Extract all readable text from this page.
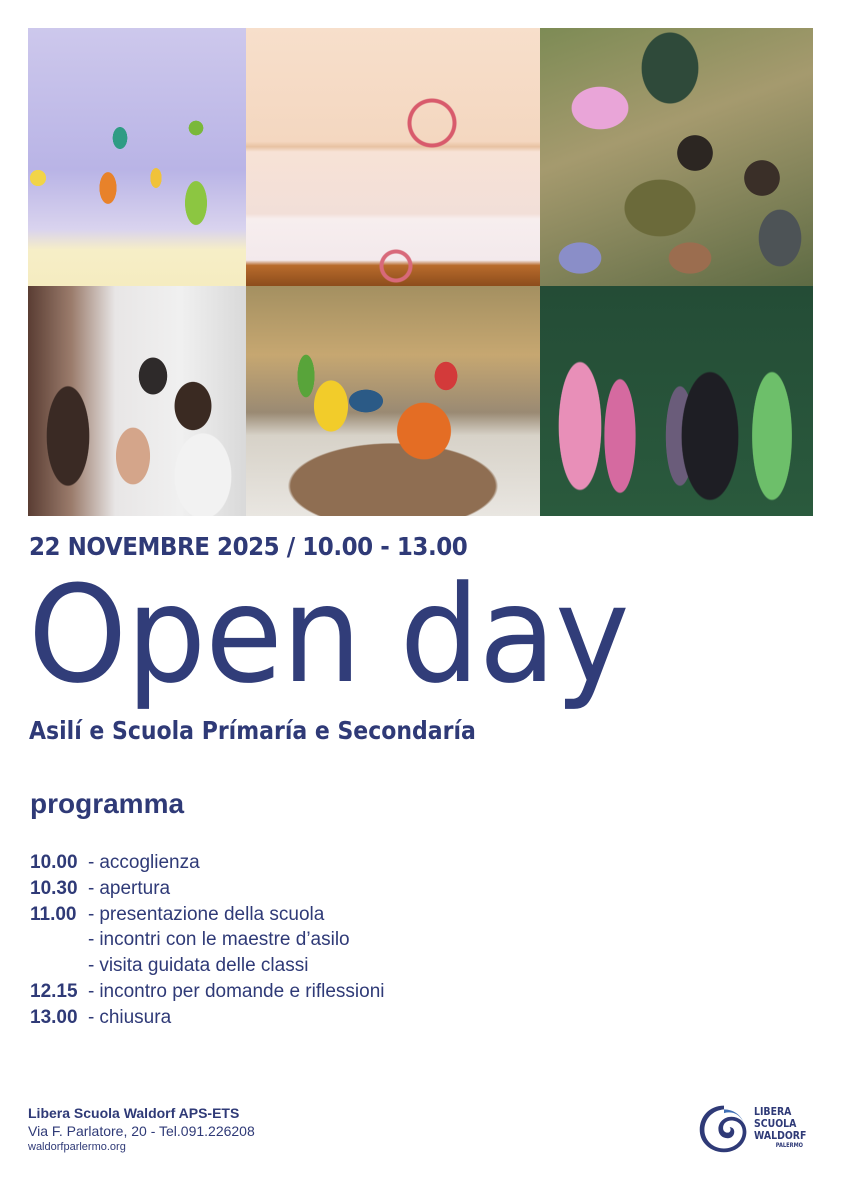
22 NOVEMBRE 2025 / 10.00 - 13.00
Open day
Asilí e Scuola Prímaría e Secondaría
programma
10.00 - accoglienza
10.30 - apertura
11.00 - presentazione della scuola
- incontri con le maestre d’asilo
- visita guidata delle classi
12.15 - incontro per domande e riflessioni
13.00 - chiusura
Libera Scuola Waldorf APS-ETS
Via F. Parlatore, 20 - Tel.091.226208
waldorfparlermo.org
LIBERA
SCUOLA
WALDORF
PALERMO
